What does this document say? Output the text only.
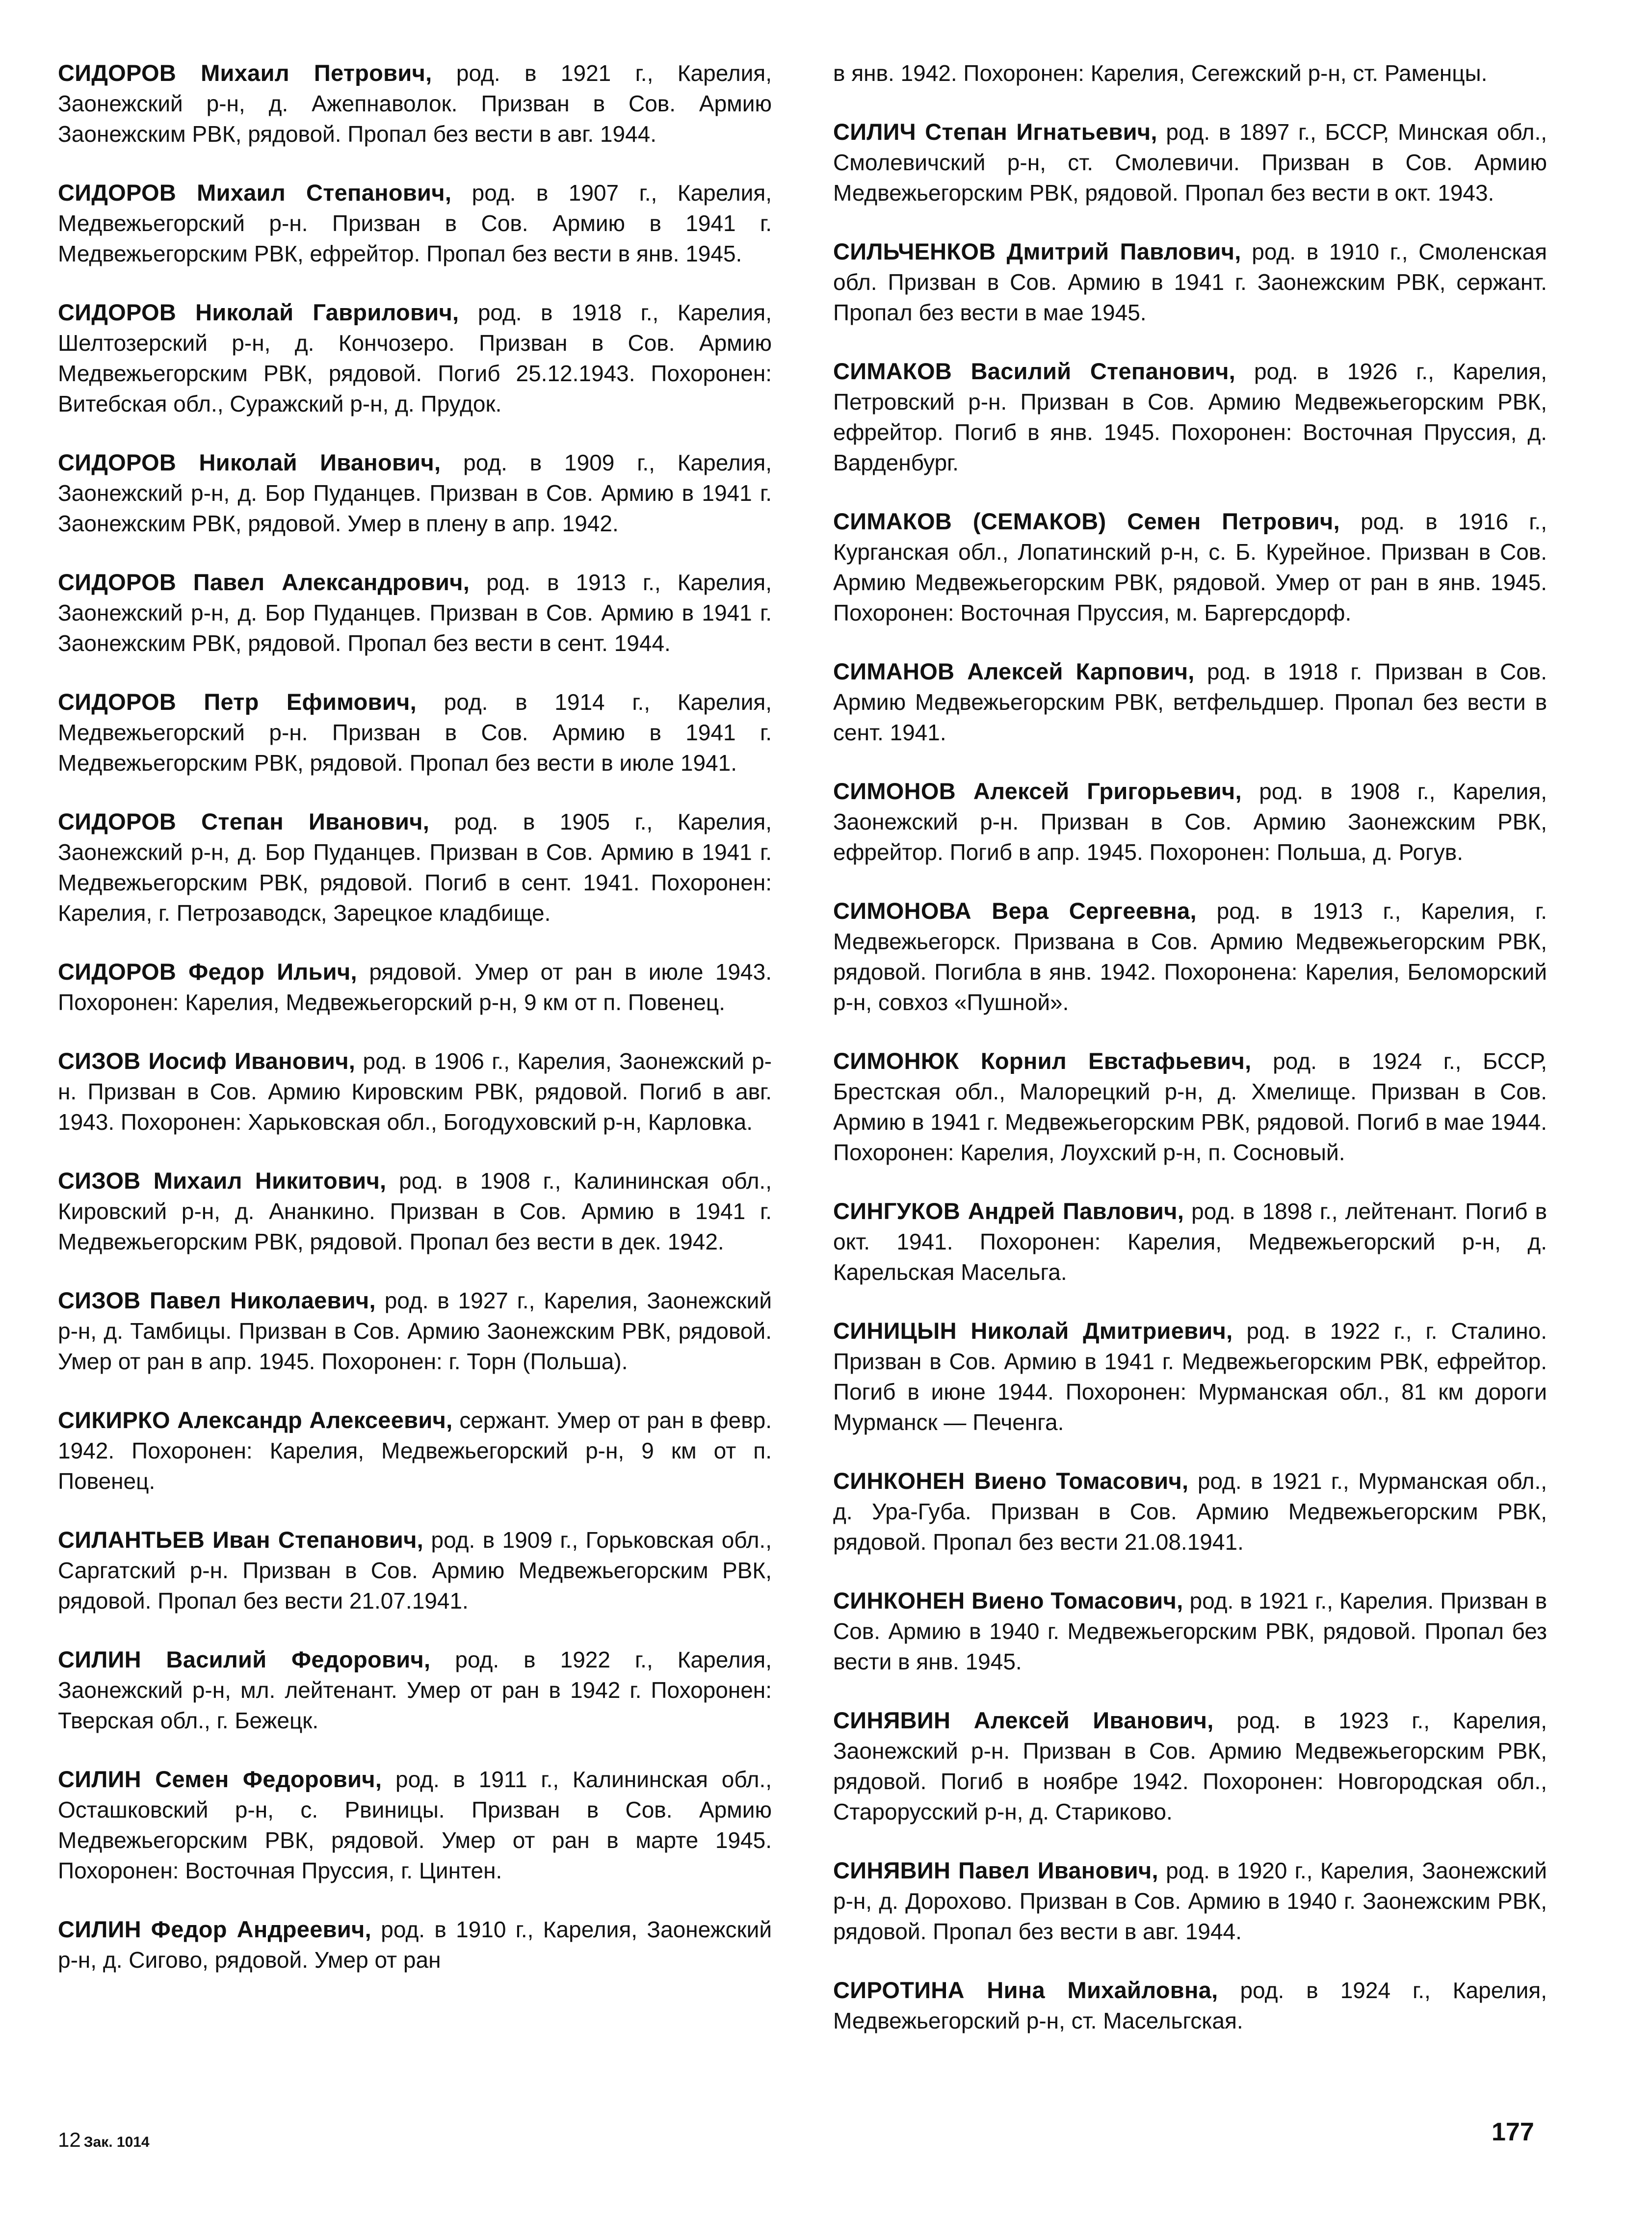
СИДОРОВ Михаил Петрович, род. в 1921 г., Карелия, Заонежский р-н, д. Ажепнаволок. Призван в Сов. Армию Заонежским РВК, рядовой. Пропал без вести в авг. 1944.

СИДОРОВ Михаил Степанович, род. в 1907 г., Карелия, Медвежьегорский р-н. Призван в Сов. Армию в 1941 г. Медвежьегорским РВК, ефрейтор. Пропал без вести в янв. 1945.

СИДОРОВ Николай Гаврилович, род. в 1918 г., Карелия, Шелтозерский р-н, д. Кончозеро. Призван в Сов. Армию Медвежьегорским РВК, рядовой. Погиб 25.12.1943. Похоронен: Витебская обл., Суражский р-н, д. Прудок.

СИДОРОВ Николай Иванович, род. в 1909 г., Карелия, Заонежский р-н, д. Бор Пуданцев. Призван в Сов. Армию в 1941 г. Заонежским РВК, рядовой. Умер в плену в апр. 1942.

СИДОРОВ Павел Александрович, род. в 1913 г., Карелия, Заонежский р-н, д. Бор Пуданцев. Призван в Сов. Армию в 1941 г. Заонежским РВК, рядовой. Пропал без вести в сент. 1944.

СИДОРОВ Петр Ефимович, род. в 1914 г., Карелия, Медвежьегорский р-н. Призван в Сов. Армию в 1941 г. Медвежьегорским РВК, рядовой. Пропал без вести в июле 1941.

СИДОРОВ Степан Иванович, род. в 1905 г., Карелия, Заонежский р-н, д. Бор Пуданцев. Призван в Сов. Армию в 1941 г. Медвежьегорским РВК, рядовой. Погиб в сент. 1941. Похоронен: Карелия, г. Петрозаводск, Зарецкое кладбище.

СИДОРОВ Федор Ильич, рядовой. Умер от ран в июле 1943. Похоронен: Карелия, Медвежьегорский р-н, 9 км от п. Повенец.

СИЗОВ Иосиф Иванович, род. в 1906 г., Карелия, Заонежский р-н. Призван в Сов. Армию Кировским РВК, рядовой. Погиб в авг. 1943. Похоронен: Харьковская обл., Богодуховский р-н, Карловка.

СИЗОВ Михаил Никитович, род. в 1908 г., Калининская обл., Кировский р-н, д. Ананкино. Призван в Сов. Армию в 1941 г. Медвежьегорским РВК, рядовой. Пропал без вести в дек. 1942.

СИЗОВ Павел Николаевич, род. в 1927 г., Карелия, Заонежский р-н, д. Тамбицы. Призван в Сов. Армию Заонежским РВК, рядовой. Умер от ран в апр. 1945. Похоронен: г. Торн (Польша).

СИКИРКО Александр Алексеевич, сержант. Умер от ран в февр. 1942. Похоронен: Карелия, Медвежьегорский р-н, 9 км от п. Повенец.

СИЛАНТЬЕВ Иван Степанович, род. в 1909 г., Горьковская обл., Саргатский р-н. Призван в Сов. Армию Медвежьегорским РВК, рядовой. Пропал без вести 21.07.1941.

СИЛИН Василий Федорович, род. в 1922 г., Карелия, Заонежский р-н, мл. лейтенант. Умер от ран в 1942 г. Похоронен: Тверская обл., г. Бежецк.

СИЛИН Семен Федорович, род. в 1911 г., Калининская обл., Осташковский р-н, с. Рвиницы. Призван в Сов. Армию Медвежьегорским РВК, рядовой. Умер от ран в марте 1945. Похоронен: Восточная Пруссия, г. Цинтен.

СИЛИН Федор Андреевич, род. в 1910 г., Карелия, Заонежский р-н, д. Сигово, рядовой. Умер от ран

в янв. 1942. Похоронен: Карелия, Сегежский р-н, ст. Раменцы.

СИЛИЧ Степан Игнатьевич, род. в 1897 г., БССР, Минская обл., Смолевичский р-н, ст. Смолевичи. Призван в Сов. Армию Медвежьегорским РВК, рядовой. Пропал без вести в окт. 1943.

СИЛЬЧЕНКОВ Дмитрий Павлович, род. в 1910 г., Смоленская обл. Призван в Сов. Армию в 1941 г. Заонежским РВК, сержант. Пропал без вести в мае 1945.

СИМАКОВ Василий Степанович, род. в 1926 г., Карелия, Петровский р-н. Призван в Сов. Армию Медвежьегорским РВК, ефрейтор. Погиб в янв. 1945. Похоронен: Восточная Пруссия, д. Варденбург.

СИМАКОВ (СЕМАКОВ) Семен Петрович, род. в 1916 г., Курганская обл., Лопатинский р-н, с. Б. Курейное. Призван в Сов. Армию Медвежьегорским РВК, рядовой. Умер от ран в янв. 1945. Похоронен: Восточная Пруссия, м. Баргерсдорф.

СИМАНОВ Алексей Карпович, род. в 1918 г. Призван в Сов. Армию Медвежьегорским РВК, ветфельдшер. Пропал без вести в сент. 1941.

СИМОНОВ Алексей Григорьевич, род. в 1908 г., Карелия, Заонежский р-н. Призван в Сов. Армию Заонежским РВК, ефрейтор. Погиб в апр. 1945. Похоронен: Польша, д. Рогув.

СИМОНОВА Вера Сергеевна, род. в 1913 г., Карелия, г. Медвежьегорск. Призвана в Сов. Армию Медвежьегорским РВК, рядовой. Погибла в янв. 1942. Похоронена: Карелия, Беломорский р-н, совхоз «Пушной».

СИМОНЮК Корнил Евстафьевич, род. в 1924 г., БССР, Брестская обл., Малорецкий р-н, д. Хмелище. Призван в Сов. Армию в 1941 г. Медвежьегорским РВК, рядовой. Погиб в мае 1944. Похоронен: Карелия, Лоухский р-н, п. Сосновый.

СИНГУКОВ Андрей Павлович, род. в 1898 г., лейтенант. Погиб в окт. 1941. Похоронен: Карелия, Медвежьегорский р-н, д. Карельская Масельга.

СИНИЦЫН Николай Дмитриевич, род. в 1922 г., г. Сталино. Призван в Сов. Армию в 1941 г. Медвежьегорским РВК, ефрейтор. Погиб в июне 1944. Похоронен: Мурманская обл., 81 км дороги Мурманск — Печенга.

СИНКОНЕН Виено Томасович, род. в 1921 г., Мурманская обл., д. Ура-Губа. Призван в Сов. Армию Медвежьегорским РВК, рядовой. Пропал без вести 21.08.1941.

СИНКОНЕН Виено Томасович, род. в 1921 г., Карелия. Призван в Сов. Армию в 1940 г. Медвежьегорским РВК, рядовой. Пропал без вести в янв. 1945.

СИНЯВИН Алексей Иванович, род. в 1923 г., Карелия, Заонежский р-н. Призван в Сов. Армию Медвежьегорским РВК, рядовой. Погиб в ноябре 1942. Похоронен: Новгородская обл., Старорусский р-н, д. Стариково.

СИНЯВИН Павел Иванович, род. в 1920 г., Карелия, Заонежский р-н, д. Дорохово. Призван в Сов. Армию в 1940 г. Заонежским РВК, рядовой. Пропал без вести в авг. 1944.

СИРОТИНА Нина Михайловна, род. в 1924 г., Карелия, Медвежьегорский р-н, ст. Масельгская.

12 Зак. 1014	177
